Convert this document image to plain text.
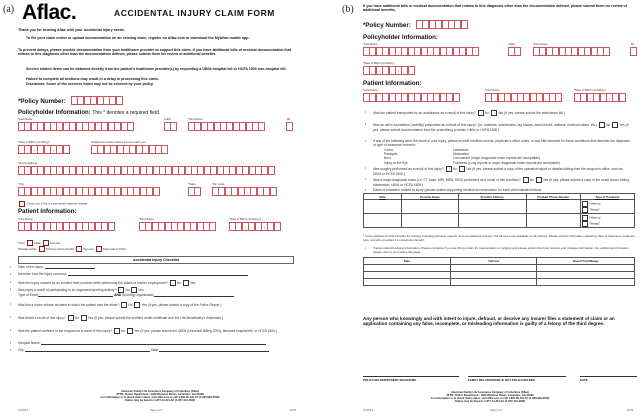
(a) Aflac.	ACCIDENTAL INJURY CLAIM FORM
Thank you for trusting Aflac with your Accidental injury needs.
To file your claim online or upload documentation on an existing claim, register on Aflac.com or download the MyAflac mobile app.
To prevent delays, please provide documentation from your healthcare provider to support this claim. If you have additional bills or medical documentation that relates to this diagnosis other than the documentation defined, please submit them for review of additional benefits.
Service related items can be obtained directly from the patient's healthcare provider(s) by requesting a UB04 hospital bill or HCFA 1500 non-hospital bill.
Failure to complete all sections may result in a delay in processing this claim.
Disclaimer: Some of the services listed may not be covered by your policy.
*Policy Number:
Policyholder Information: This * denotes a required field.
*Last Name	Suffix	*First Name	MI
*Date of Birth (mm/dd/yy)
/	/
Telephone Number where we can reach you
-	-
*Home Address
*City	*State	*Zip Code
-
Check box if this is a permanent address change.
Patient Information:
*Last Name	*First Name	*Date of Birth (mm/dd/yy)
/	/
*Sex:	Male	Female
*Relationship:	Primary Policyholder	Spouse	Dependent Child
Accidental Injury Checklist
• Date of the injury:
• Describe how the injury occurred:
• Was this injury caused by an incident that occurred while performing the duties of his/her employment?	No	Yes
• Was injury a result of participating in an organized sporting activity?	No	Yes
Type of Event	AND Sporting Organization
• Was this a motor vehicle accident in which the patient was the driver?	No	Yes (If yes, please submit a copy of the Police Report.)
• Was death a result of this injury?	No	Yes (If yes, please submit the certified death certificate and the Life-Beneficiary's Statement.)
• Was the patient confined to the hospital as a result of this injury?	No	Yes (If yes, please submit the UB04 (Universal Billing 2004), itemized hospital bill, or HCFA 1500.)
• Hospital Name:
• City	State
American Family Life Assurance Company of Columbus (Aflac)
ATTN: Claims Department • 1932 Wynnton Road • Columbus, GA 31999
For information or to check claim status, visit aflac.com or call 1-800-99-AFLAC (1-800-992-3522)
Claims may be faxed to 1-877-44-AFLAC (1-877-442-3522)
S-0209 F	Page 1 of 2	02/14
(b)	If you have additional bills or medical documentation that relates to this diagnosis other than the documentation defined, please submit them for review of additional benefits.
*Policy Number:
Policyholder Information:
*Last Name	Suffix	*First Name	MI
*Date of Birth (mm/dd/yy)
/	/
Patient Information:
*Last Name	*First Name	*Date of Birth (mm/dd/yy)
/	/
• Was the patient transported by an ambulance as a result of this injury?	No	Yes (If yes, please submit the ambulance bill.)
• Was an aid in locomotion (mobility) prescribed as a result of this injury? (i.e. crutches, wheelchairs, leg braces, back braces, walkers, cervical collars, etc.)	No	Yes (If yes, please submit documentation from the prescribing provider, UB04 or HCFA 1500.)
• If any of the following were the result of your injury, please provide medical records, physician's office notes, or any bills received for these conditions that describe the diagnosis or type of treatment received:
Coma
Paralysis
Burn
Injury to the Eye
Laceration
Dislocation
Concussion (major diagnostic exam reports are acceptable)
Fractures (x-ray reports or major diagnostic exam reports are acceptable)
• Was surgery performed as a result of this injury?	No	Yes (If yes, please submit a copy of the operative report or detailed billing from the surgeon's office, such as UB04 or HCFA 1500.)
• Was a major diagnostic exam (i.e. CT Scan, MRI, MRA, EEG) performed as a result of this condition?	No	Yes (If yes, please submit a copy of the exam report, billing information, UB04 or HCFA 1500.)
• Dates of treatment related to injury (please submit supporting medical documentation for each visit indicated below):
Date	Provider Name	Provider Address	Provider Phone Number	Type of Treatment

				Follow up
Therapy*

				Follow up
Therapy*
* Some policies provide benefits for therapy including physical, speech, and occupational therapy. Not all types are available on all policies. Please submit information indicating date of treatment, treatment type, and who provided it to determine benefit.
• Transportation/Lodging Information: Please complete if you are filing a claim for transportation or lodging and please submit the hotel receipts and mileage information. For additional information, please refer to your policy language.
Date	To/From	Round-Trip Mileage

Any person who knowingly and with intent to injure, defraud, or deceive any insurer files a statement of claim or an application containing any false, incomplete, or misleading information is guilty of a felony of the third degree.
POLICYHOLDER/PATIENT SIGNATURE	FAMILY RELATIONSHIP, IF NOT POLICYHOLDER	DATE
American Family Life Assurance Company of Columbus (Aflac)
ATTN: Claims Department • 1932 Wynnton Road • Columbus, GA 31999
For information or to check claim status, visit aflac.com or call 1-800-99-AFLAC (1-800-992-3522)
Claims may be faxed to 1-877-44-AFLAC (1-877-442-3522)
S-0209 F	Page 2 of 2	02/14
